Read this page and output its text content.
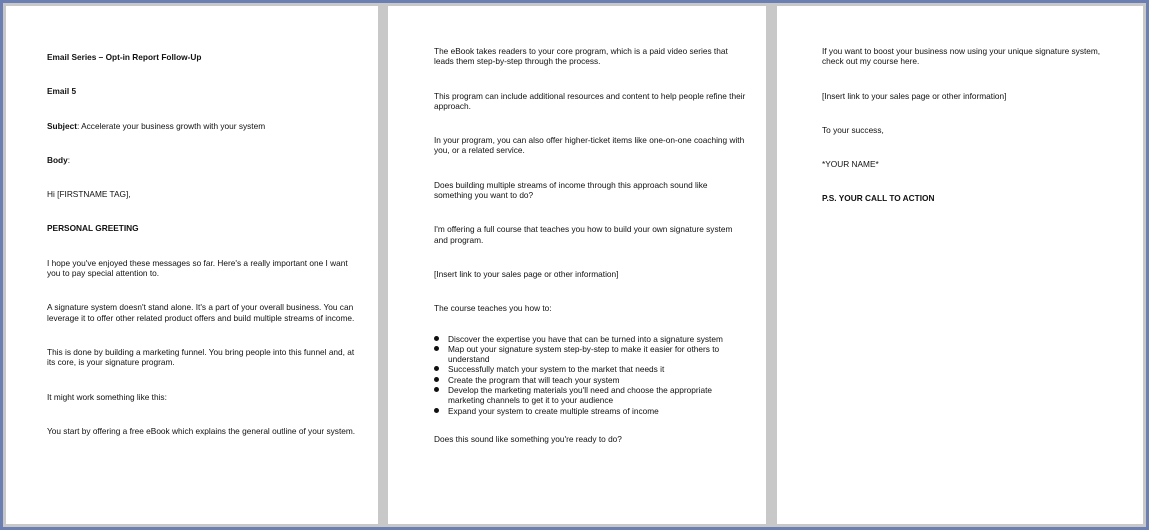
Email Series – Opt-in Report Follow-Up

Email 5

Subject: Accelerate your business growth with your system

Body:

Hi [FIRSTNAME TAG],

PERSONAL GREETING

I hope you've enjoyed these messages so far. Here's a really important one I want you to pay special attention to.

A signature system doesn't stand alone. It's a part of your overall business. You can leverage it to offer other related product offers and build multiple streams of income.

This is done by building a marketing funnel. You bring people into this funnel and, at its core, is your signature program.

It might work something like this:

You start by offering a free eBook which explains the general outline of your system.

The eBook takes readers to your core program, which is a paid video series that leads them step-by-step through the process.

This program can include additional resources and content to help people refine their approach.

In your program, you can also offer higher-ticket items like one-on-one coaching with you, or a related service.

Does building multiple streams of income through this approach sound like something you want to do?

I'm offering a full course that teaches you how to build your own signature system and program.

[Insert link to your sales page or other information]

The course teaches you how to:

Discover the expertise you have that can be turned into a signature system
Map out your signature system step-by-step to make it easier for others to understand
Successfully match your system to the market that needs it
Create the program that will teach your system
Develop the marketing materials you'll need and choose the appropriate marketing channels to get it to your audience
Expand your system to create multiple streams of income

Does this sound like something you're ready to do?

If you want to boost your business now using your unique signature system, check out my course here.

[Insert link to your sales page or other information]

To your success,

*YOUR NAME*

P.S. YOUR CALL TO ACTION
